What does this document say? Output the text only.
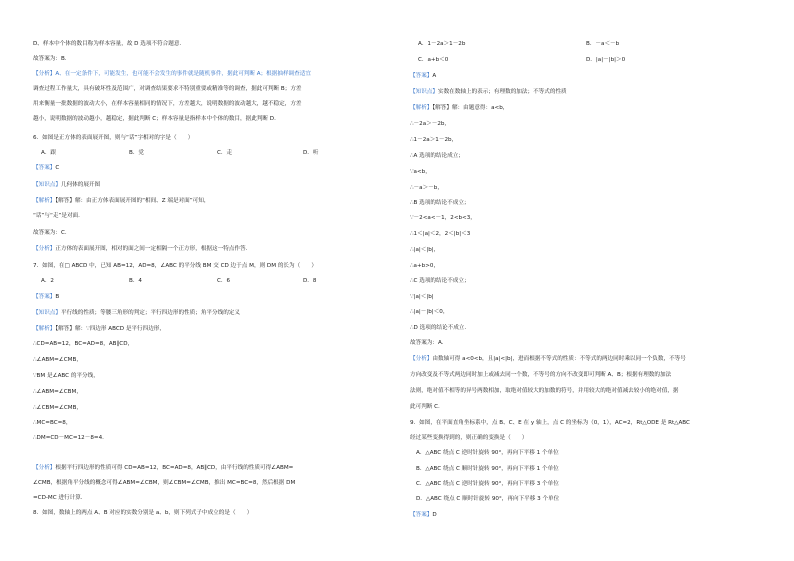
D、样本中个体的数目称为样本容量，故 D 选项不符合题意.
故答案为：B.
【分析】A、在一定条件下，可能发生，也可能不会发生的事件就是随机事件，据此可判断 A；根据抽样调查适宜
调查过程工作量大，具有破坏性及范围广，对调查结果要求不特别重要或精准等的调查，据此可判断 B；方差
用来衡量一批数据的波动大小，在样本容量相同的情况下，方差越大，说明数据的波动越大，越不稳定，方差
越小，说明数据的波动越小，越稳定，据此判断 C；样本容量是指样本中个体的数目，据此判断 D.
6．如图是正方体的表面展开图，则与“话”字相对的字是（　　）
A．跟	B．党	C．走	D．听
【答案】C
【知识点】几何体的展开图
【解析】【解答】解：由正方体表面展开图的“相间、Z 端是对面”可知，
“话”与“走”是对面.
故答案为：C.
【分析】正方体的表面展开图，相对的面之间一定相隔一个正方形，根据这一特点作答.
7．如图，在□ ABCD 中，已知 AB=12，AD=8，∠ABC 的平分线 BM 交 CD 边于点 M，则 DM 的长为（　　）
A．2	B．4	C．6	D．8
【答案】B
【知识点】平行线的性质；等腰三角形的判定；平行四边形的性质；角平分线的定义
【解析】【解答】解：∵四边形 ABCD 是平行四边形，
∴CD=AB=12，BC=AD=8，AB∥CD，
∴∠ABM=∠CMB，
∵BM 是∠ABC 的平分线，
∴∠ABM=∠CBM，
∴∠CBM=∠CMB，
∴MC=BC=8，
∴DM=CD－MC=12－8=4.
【分析】根据平行四边形的性质可得 CD=AB=12，BC=AD=8，AB∥CD，由平行线的性质可得∠ABM=
∠CMB，根据角平分线的概念可得∠ABM=∠CBM，则∠CBM=∠CMB，推出 MC=BC=8，然后根据 DM
=CD-MC 进行计算.
8．如图，数轴上的两点 A、B 对应的实数分别是 a、b，则下列式子中成立的是（　　）
A．1－2a＞1－2b	B．－a＜－b
C．a+b＜0	D．|a|－|b|＞0
【答案】A
【知识点】实数在数轴上的表示；有理数的加法；不等式的性质
【解析】【解答】解：由题意得：a<b，
∴－2a＞－2b，
∴1－2a＞1－2b，
∴A 选项的结论成立；
∵a<b，
∴－a＞－b，
∴B 选项的结论不成立；
∵－2<a<－1，2<b<3，
∴1＜|a|＜2，2＜|b|＜3
∴|a|＜|b|，
∴a+b>0，
∴C 选项的结论不成立；
∵|a|＜|b|
∴|a|－|b|＜0，
∴D 选项的结论不成立.
故答案为：A.
【分析】由数轴可得 a<0<b，且|a|<|b|，进而根据不等式的性质：不等式的两边同时乘以同一个负数，不等号
方向改变及不等式两边同时加上或减去同一个数，不等号的方向不改变即可判断 A、B；根据有理数的加法
法则，绝对值不相等的异号两数相加，取绝对值较大的加数的符号，并用较大的绝对值减去较小的绝对值，据
此可判断 C.
9．如图，在平面直角坐标系中，点 B、C、E 在 y 轴上，点 C 的坐标为（0，1），AC=2，Rt△ODE 是 Rt△ABC
经过某些变换得到的，则正确的变换是（　　）
A．△ABC 绕点 C 逆时针旋转 90°，再向下平移 1 个单位
B．△ABC 绕点 C 顺时针旋转 90°，再向下平移 1 个单位
C．△ABC 绕点 C 逆时针旋转 90°，再向下平移 3 个单位
D．△ABC 绕点 C 顺时针旋转 90°，再向下平移 3 个单位
【答案】D
